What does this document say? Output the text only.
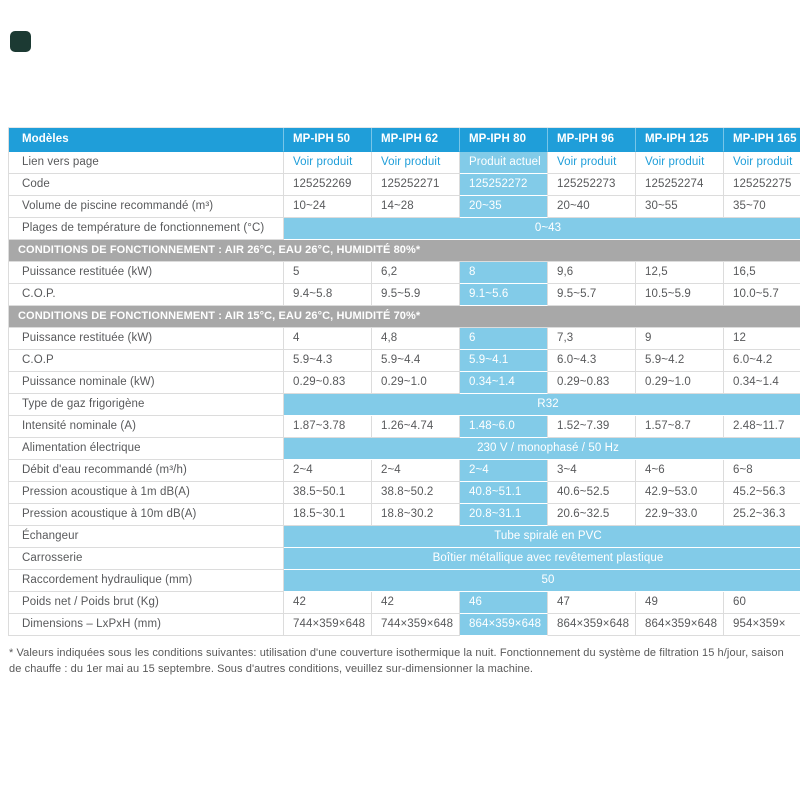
Modèles	MP-IPH 50	MP-IPH 62	MP-IPH 80	MP-IPH 96	MP-IPH 125	MP-IPH 165
Lien vers page	Voir produit	Voir produit	Produit actuel	Voir produit	Voir produit	Voir produit
Code	125252269	125252271	125252272	125252273	125252274	125252275
Volume de piscine recommandé (m³)	10~24	14~28	20~35	20~40	30~55	35~70
Plages de température de fonctionnement (°C)	0~43
CONDITIONS DE FONCTIONNEMENT : AIR 26°C, EAU 26°C, HUMIDITÉ 80%*
Puissance restituée (kW)	5	6,2	8	9,6	12,5	16,5
C.O.P.	9.4~5.8	9.5~5.9	9.1~5.6	9.5~5.7	10.5~5.9	10.0~5.7
CONDITIONS DE FONCTIONNEMENT : AIR 15°C, EAU 26°C, HUMIDITÉ 70%*
Puissance restituée (kW)	4	4,8	6	7,3	9	12
C.O.P	5.9~4.3	5.9~4.4	5.9~4.1	6.0~4.3	5.9~4.2	6.0~4.2
Puissance nominale (kW)	0.29~0.83	0.29~1.0	0.34~1.4	0.29~0.83	0.29~1.0	0.34~1.4
Type de gaz frigorigène	R32
Intensité nominale (A)	1.87~3.78	1.26~4.74	1.48~6.0	1.52~7.39	1.57~8.7	2.48~11.7
Alimentation électrique	230 V / monophasé / 50 Hz
Débit d'eau recommandé (m³/h)	2~4	2~4	2~4	3~4	4~6	6~8
Pression acoustique à 1m dB(A)	38.5~50.1	38.8~50.2	40.8~51.1	40.6~52.5	42.9~53.0	45.2~56.3
Pression acoustique à 10m dB(A)	18.5~30.1	18.8~30.2	20.8~31.1	20.6~32.5	22.9~33.0	25.2~36.3
Échangeur	Tube spiralé en PVC
Carrosserie	Boîtier métallique avec revêtement plastique
Raccordement hydraulique (mm)	50
Poids net / Poids brut (Kg)	42	42	46	47	49	60
Dimensions – LxPxH (mm)	744×359×648	744×359×648	864×359×648	864×359×648	864×359×648	954×359×
* Valeurs indiquées sous les conditions suivantes: utilisation d'une couverture isothermique la nuit. Fonctionnement du système de filtration 15 h/jour, saison de chauffe : du 1er mai au 15 septembre. Sous d'autres conditions, veuillez sur-dimensionner la machine.
